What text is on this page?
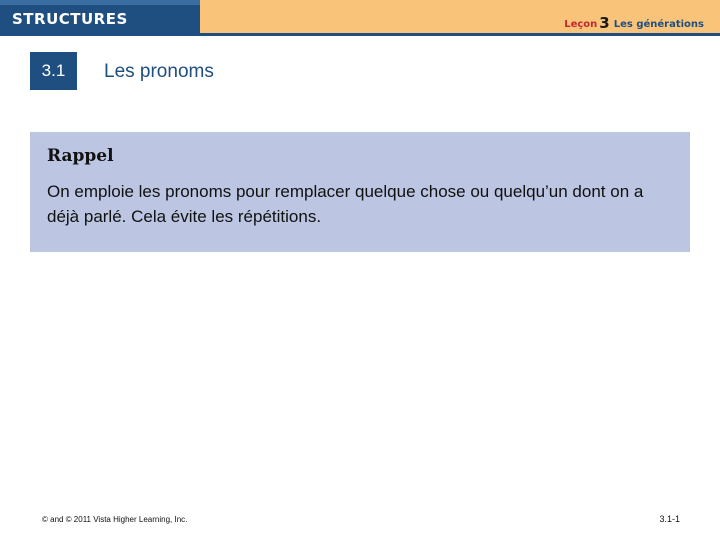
STRUCTURES	Leçon 3 Les générations
3.1	Les pronoms
Rappel
On emploie les pronoms pour remplacer quelque chose ou quelqu’un dont on a déjà parlé. Cela évite les répétitions.
© and © 2011 Vista Higher Learning, Inc.	3.1-1
